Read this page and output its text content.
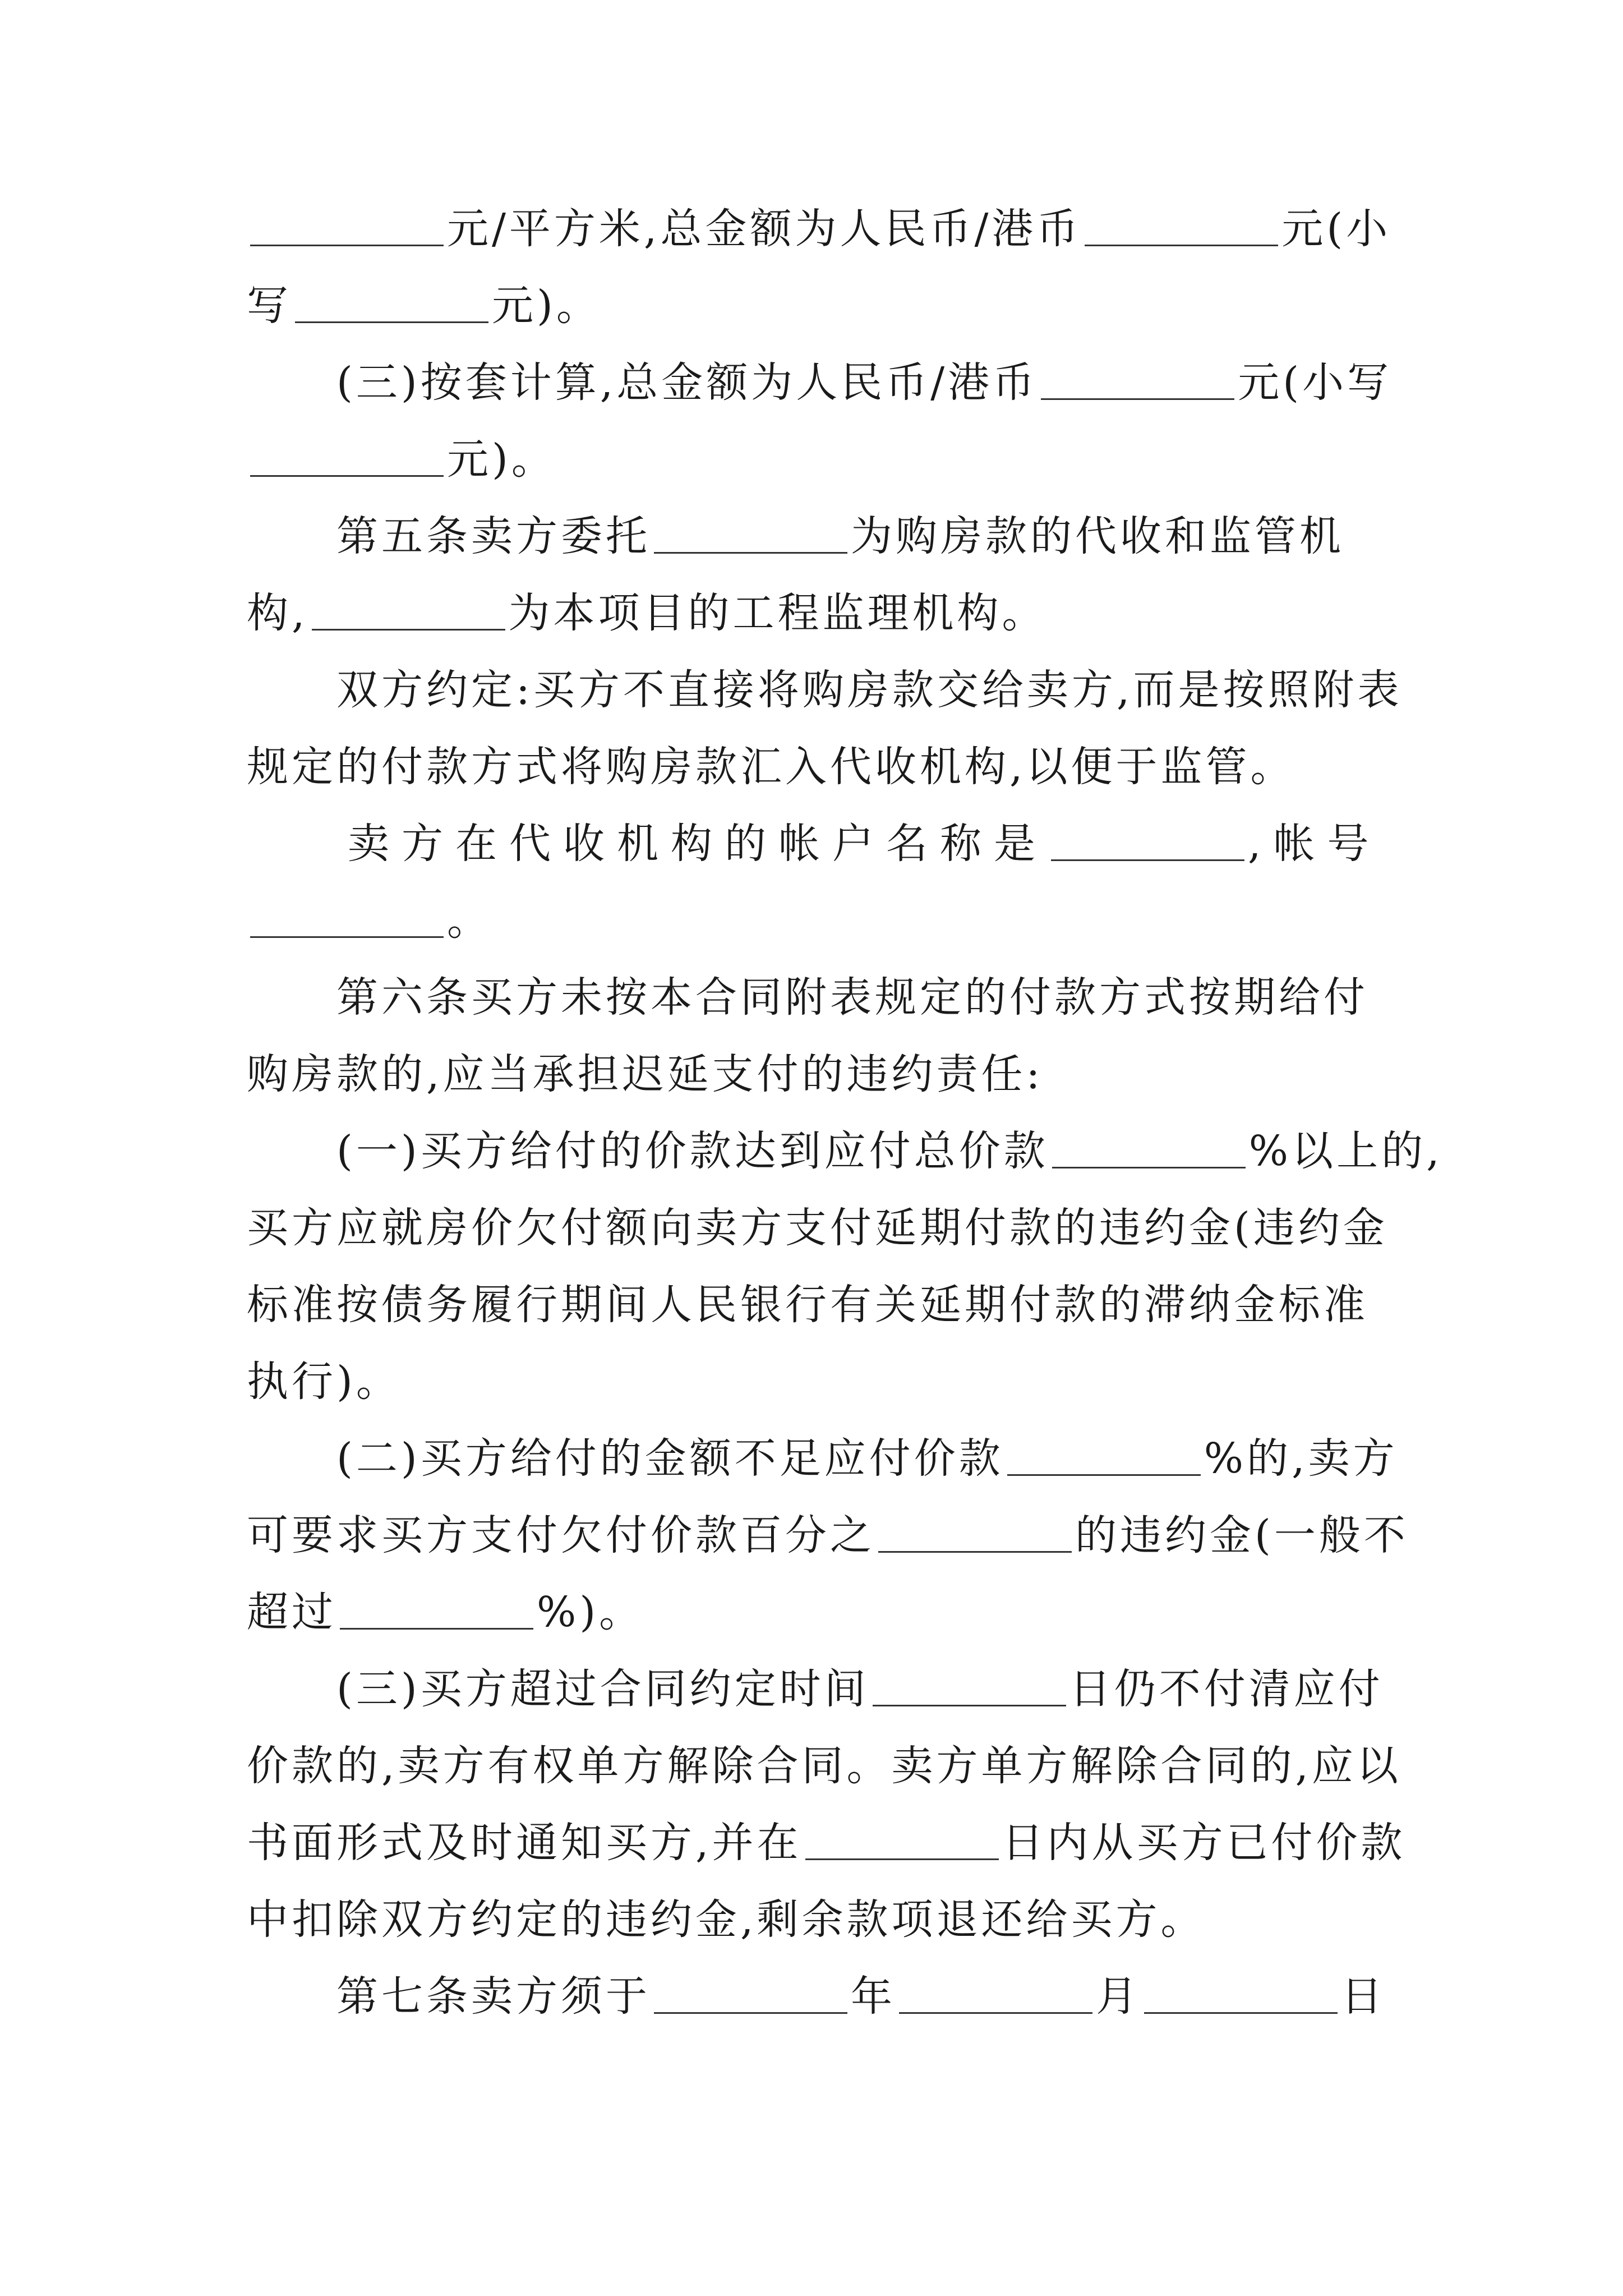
元/平方米,总金额为人民币/港币	元(小
写	元)。

(三)按套计算,总金额为人民币/港币	元(小写
元)。

第五条卖方委托	为购房款的代收和监管机
构,	为本项目的工程监理机构。

双方约定:买方不直接将购房款交给卖方,而是按照附表
规定的付款方式将购房款汇入代收机构,以便于监管。

卖方在代收机构的帐户名称是	,帐号
。

第六条买方未按本合同附表规定的付款方式按期给付
购房款的,应当承担迟延支付的违约责任:

(一)买方给付的价款达到应付总价款	%以上的,
买方应就房价欠付额向卖方支付延期付款的违约金(违约金
标准按债务履行期间人民银行有关延期付款的滞纳金标准
执行)。

(二)买方给付的金额不足应付价款	%的,卖方
可要求买方支付欠付价款百分之	的违约金(一般不
超过	%)。

(三)买方超过合同约定时间	日仍不付清应付
价款的,卖方有权单方解除合同。卖方单方解除合同的,应以
书面形式及时通知买方,并在	日内从买方已付价款
中扣除双方约定的违约金,剩余款项退还给买方。

第七条卖方须于	年	月	日
